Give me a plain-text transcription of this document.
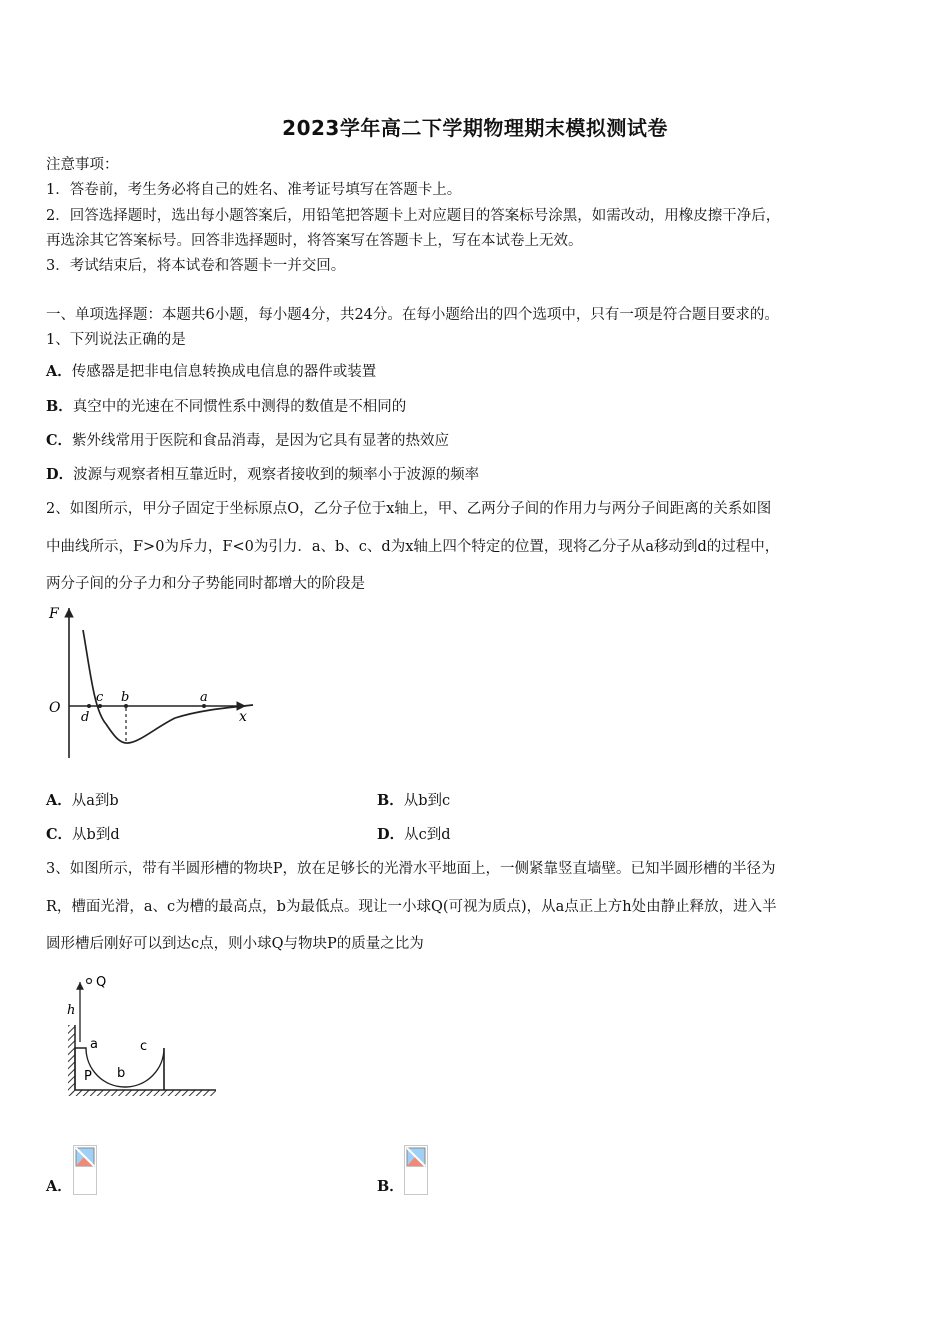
2023学年高二下学期物理期末模拟测试卷
注意事项：
1．答卷前，考生务必将自己的姓名、准考证号填写在答题卡上。
2．回答选择题时，选出每小题答案后，用铅笔把答题卡上对应题目的答案标号涂黑，如需改动，用橡皮擦干净后，
再选涂其它答案标号。回答非选择题时，将答案写在答题卡上，写在本试卷上无效。
3．考试结束后，将本试卷和答题卡一并交回。
一、单项选择题：本题共6小题，每小题4分，共24分。在每小题给出的四个选项中，只有一项是符合题目要求的。
1、下列说法正确的是
A．传感器是把非电信息转换成电信息的器件或装置
B．真空中的光速在不同惯性系中测得的数值是不相同的
C．紫外线常用于医院和食品消毒，是因为它具有显著的热效应
D．波源与观察者相互靠近时，观察者接收到的频率小于波源的频率
2、如图所示，甲分子固定于坐标原点O，乙分子位于x轴上，甲、乙两分子间的作用力与两分子间距离的关系如图
中曲线所示，F>0为斥力，F<0为引力．a、b、c、d为x轴上四个特定的位置，现将乙分子从a移动到d的过程中，
两分子间的分子力和分子势能同时都增大的阶段是
F
O
x
d
c b	a
A．从a到b	B．从b到c
C．从b到d	D．从c到d
3、如图所示，带有半圆形槽的物块P，放在足够长的光滑水平地面上，一侧紧靠竖直墙壁。已知半圆形槽的半径为
R，槽面光滑，a、c为槽的最高点，b为最低点。现让一小球Q(可视为质点)，从a点正上方h处由静止释放，进入半
圆形槽后刚好可以到达c点，则小球Q与物块P的质量之比为
Q
h
a	c
b
P
A．	B．
